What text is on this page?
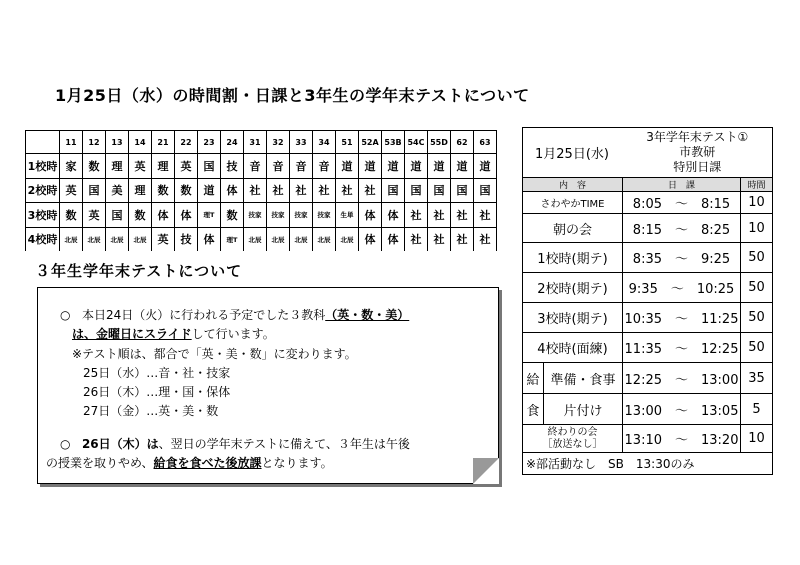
1月25日（水）の時間割・日課と3年生の学年末テストについて
	11	12	13	14	21	22	23	24	31	32	33	34	51	52A	53B	54C	55D	62	63
1校時	家	数	理	英	理	英	国	技	音	音	音	音	道	道	道	道	道	道	道
2校時	英	国	美	理	数	数	道	体	社	社	社	社	社	社	国	国	国	国	国
3校時	数	英	国	数	体	体	理T	数	技家	技家	技家	技家	生単	体	体	社	社	社	社
4校時	北辰	北辰	北辰	北辰	英	技	体	理T	北辰	北辰	北辰	北辰	北辰	体	体	社	社	社	社
３年生学年末テストについて
○ 本日24日（火）に行われる予定でした３教科（英・数・美）
は、金曜日にスライドして行います。
※テスト順は、都合で「英・美・数」に変わります。
25日（水）…音・社・技家
26日（木）…理・国・保体
27日（金）…英・美・数
○ 26日（木）は、翌日の学年末テストに備えて、３年生は午後
の授業を取りやめ、給食を食べた後放課となります。
1月25日(水)	3年学年末テスト①
市教研
特別日課	

内　容	日　課	時間
さわやかTIME	8:05　～　8:15	10
朝の会	8:15　～　8:25	10
1校時(期テ)	8:35　～　9:25	50
2校時(期テ)	9:35　～　10:25	50
3校時(期テ)	10:35　～　11:25	50
4校時(面練)	11:35　～　12:25	50

給 準備・食事	12:25　～　13:00	35

食 片付け	13:00　～　13:05	5

終わりの会
［放送なし］	13:10　～　13:20	10
※部活動なし　SB　13:30のみ		
